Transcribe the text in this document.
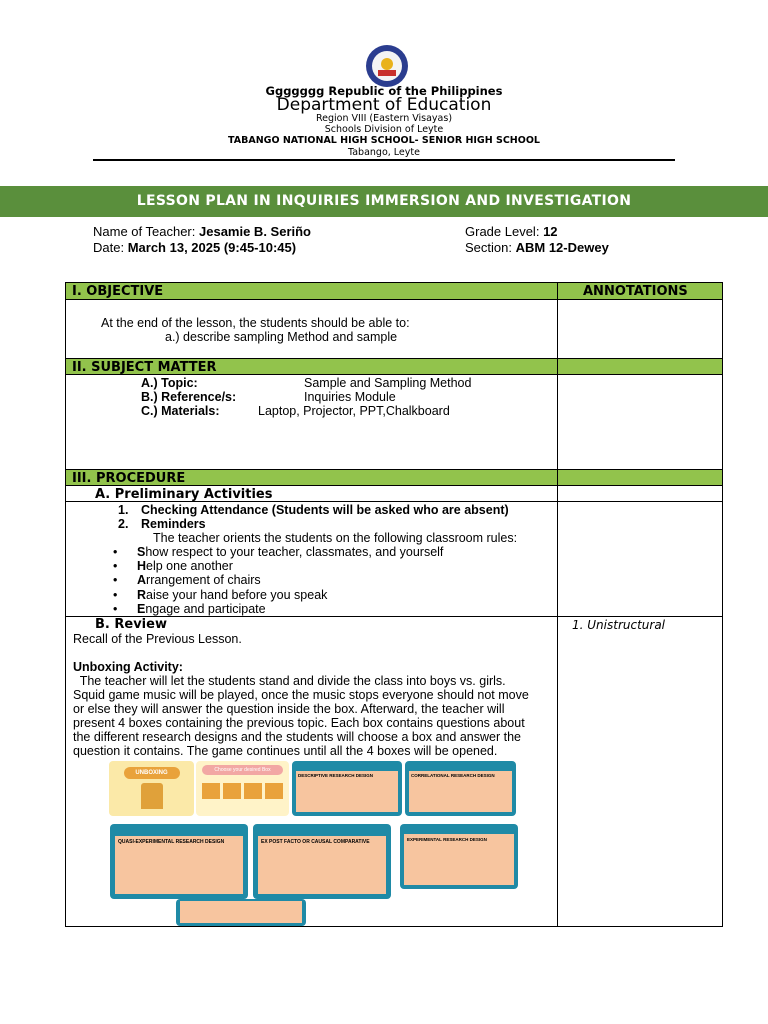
Ggggggg Republic of the Philippines
Department of Education
Region VIII (Eastern Visayas)
Schools Division of Leyte
TABANGO NATIONAL HIGH SCHOOL- SENIOR HIGH SCHOOL
Tabango, Leyte
LESSON PLAN IN INQUIRIES IMMERSION AND INVESTIGATION
Name of Teacher: Jesamie B. Seriño
Date: March 13, 2025 (9:45-10:45)
Grade Level: 12
Section: ABM 12-Dewey
I. OBJECTIVE	ANNOTATIONS
At the end of the lesson, the students should be able to:
a.) describe sampling Method and sample
II. SUBJECT MATTER
A.) Topic:	Sample and Sampling Method
B.) Reference/s:	Inquiries Module
C.) Materials:	Laptop, Projector, PPT,Chalkboard
III. PROCEDURE
A. Preliminary Activities
1. Checking Attendance (Students will be asked who are absent)
2. Reminders
The teacher orients the students on the following classroom rules:
Show respect to your teacher, classmates, and yourself
Help one another
Arrangement of chairs
Raise your hand before you speak
Engage and participate
B. Review	1. Unistructural
Recall of the Previous Lesson.
Unboxing Activity:
The teacher will let the students stand and divide the class into boys vs. girls.
Squid game music will be played, once the music stops everyone should not move
or else they will answer the question inside the box. Afterward, the teacher will
present 4 boxes containing the previous topic. Each box contains questions about
the different research designs and the students will choose a box and answer the
question it contains. The game continues until all the 4 boxes will be opened.
UNBOXING	Choose your desired Box
DESCRIPTIVE RESEARCH DESIGN	CORRELATIONAL RESEARCH DESIGN
QUASI-EXPERIMENTAL RESEARCH DESIGN	EX POST FACTO OR CAUSAL COMPARATIVE	EXPERIMENTAL RESEARCH DESIGN
